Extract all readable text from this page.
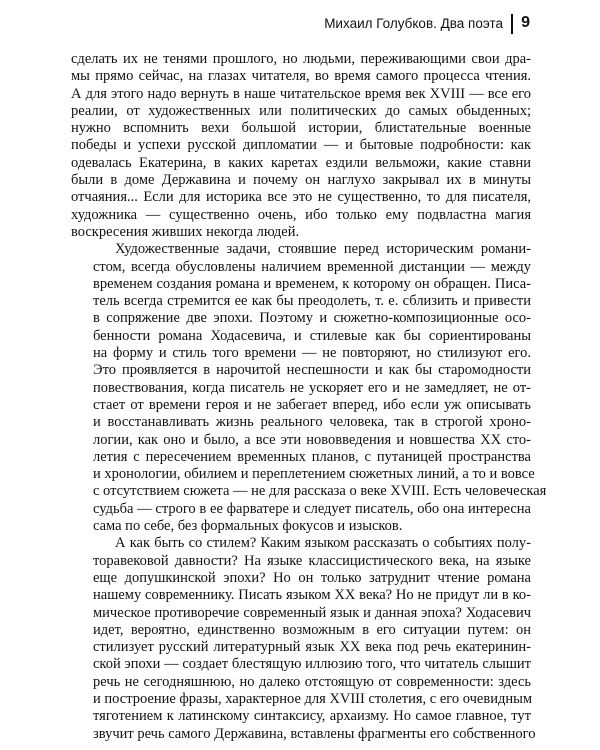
Михаил Голубков. Два поэта 9

сделать их не тенями прошлого, но людьми, переживающими свои дра-
мы прямо сейчас, на глазах читателя, во время самого процесса чтения.
А для этого надо вернуть в наше читательское время век XVIII — все его
реалии, от художественных или политических до самых обыденных;
нужно вспомнить вехи большой истории, блистательные военные
победы и успехи русской дипломатии — и бытовые подробности: как
одевалась Екатерина, в каких каретах ездили вельможи, какие ставни
были в доме Державина и почему он наглухо закрывал их в минуты
отчаяния... Если для историка все это не существенно, то для писателя,
художника — существенно очень, ибо только ему подвластна магия
воскресения живших некогда людей.

Художественные задачи, стоявшие перед историческим романи-
стом, всегда обусловлены наличием временной дистанции — между
временем создания романа и временем, к которому он обращен. Писа-
тель всегда стремится ее как бы преодолеть, т. е. сблизить и привести
в сопряжение две эпохи. Поэтому и сюжетно-композиционные осо-
бенности романа Ходасевича, и стилевые как бы сориентированы
на форму и стиль того времени — не повторяют, но стилизуют его.
Это проявляется в нарочитой неспешности и как бы старомодности
повествования, когда писатель не ускоряет его и не замедляет, не от-
стает от времени героя и не забегает вперед, ибо если уж описывать
и восстанавливать жизнь реального человека, так в строгой хроно-
логии, как оно и было, а все эти нововведения и новшества XX сто-
летия с пересечением временных планов, с путаницей пространства
и хронологии, обилием и переплетением сюжетных линий, а то и вовсе
с отсутствием сюжета — не для рассказа о веке XVIII. Есть человеческая
судьба — строго в ее фарватере и следует писатель, обо она интересна
сама по себе, без формальных фокусов и изысков.

А как быть со стилем? Каким языком рассказать о событиях полу-
торавековой давности? На языке классицистического века, на языке
еще допушкинской эпохи? Но он только затруднит чтение романа
нашему современнику. Писать языком XX века? Но не придут ли в ко-
мическое противоречие современный язык и данная эпоха? Ходасевич
идет, вероятно, единственно возможным в его ситуации путем: он
стилизует русский литературный язык XX века под речь екатеринин-
ской эпохи — создает блестящую иллюзию того, что читатель слышит
речь не сегодняшнюю, но далеко отстоящую от современности: здесь
и построение фразы, характерное для XVIII столетия, с его очевидным
тяготением к латинскому синтаксису, архаизму. Но самое главное, тут
звучит речь самого Державина, вставлены фрагменты его собственного
